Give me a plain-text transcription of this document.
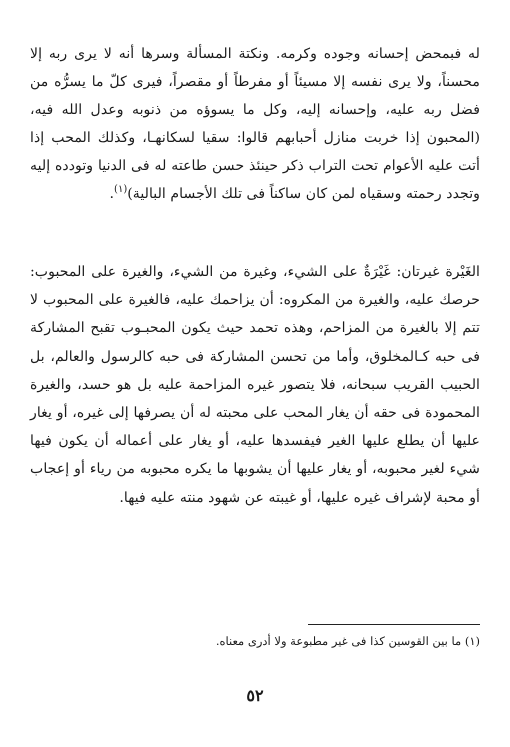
له فبمحض إحسانه وجوده وكرمه. ونكتة المسألة وسرها أنه لا يرى ربه إلا محسناً، ولا يرى نفسه إلا مسيئاً أو مفرطاً أو مقصراً، فيرى كلّ ما يسرُّه من فضل ربه عليه، وإحسانه إليه، وكل ما يسوؤه من ذنوبه وعدل الله فيه، (المحبون إذا خربت منازل أحبابهم قالوا: سقيا لسكانهـا، وكذلك المحب إذا أتت عليه الأعوام تحت التراب ذكر حينئذ حسن طاعته له فى الدنيا وتودده إليه وتجدد رحمته وسقياه لمن كان ساكناً فى تلك الأجسام البالية)$^{(١)}$.

الغَيْرة غيرتان: غَيْرَةٌ على الشيء، وغيرة من الشيء، والغيرة على المحبوب: حرصك عليه، والغيرة من المكروه: أن يزاحمك عليه، فالغيرة على المحبوب لا تتم إلا بالغيرة من المزاحم، وهذه تحمد حيث يكون المحبـوب تقبح المشاركة فى حبه كـالمخلوق، وأما من تحسن المشاركة فى حبه كالرسول والعالم، بل الحبيب القريب سبحانه، فلا يتصور غيره المزاحمة عليه بل هو حسد، والغيرة المحمودة فى حقه أن يغار المحب على محبته له أن يصرفها إلى غيره، أو يغار عليها أن يطلع عليها الغير فيفسدها عليه، أو يغار على أعماله أن يكون فيها شيء لغير محبوبه، أو يغار عليها أن يشوبها ما يكره محبوبه من رياء أو إعجاب أو محبة لإشراف غيره عليها، أو غيبته عن شهود منته عليه فيها.

(١) ما بين القوسين كذا فى غير مطبوعة ولا أدرى معناه.
٥٢
